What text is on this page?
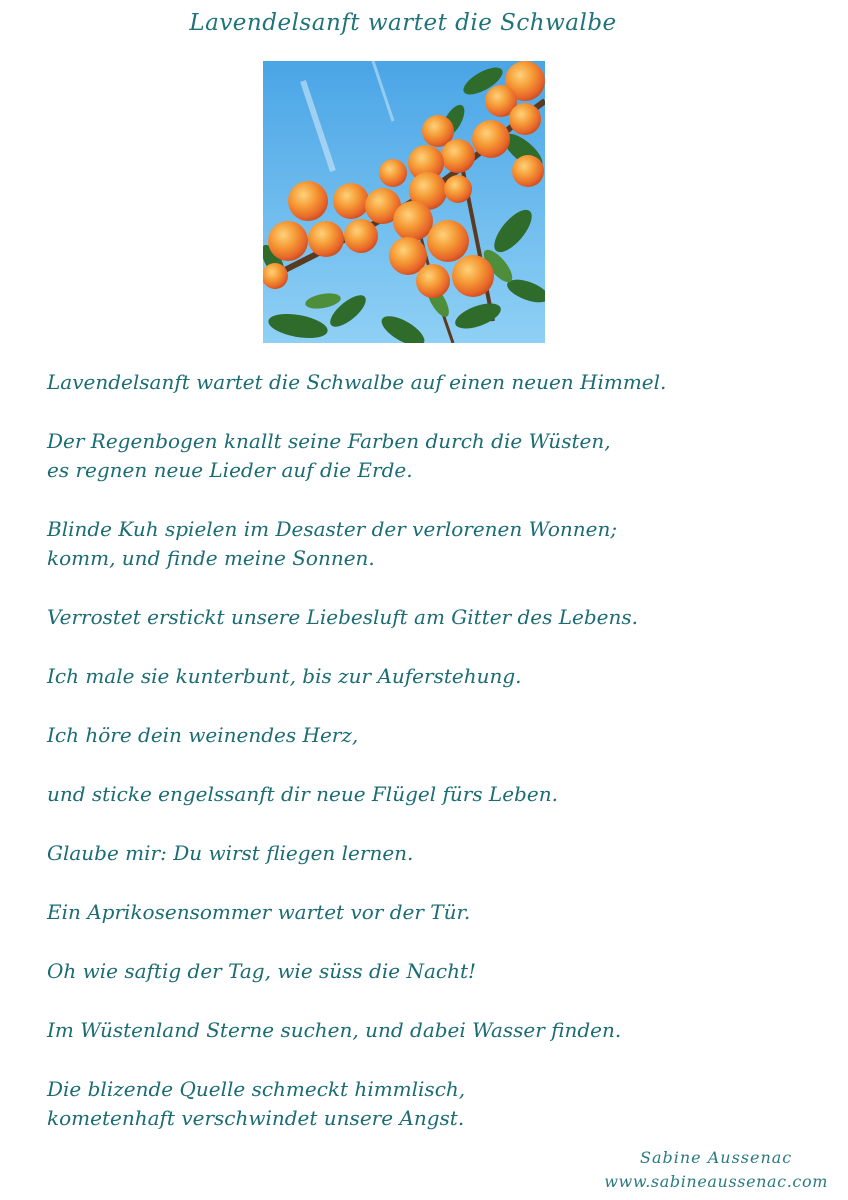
Lavendelsanft wartet die Schwalbe
Lavendelsanft wartet die Schwalbe auf einen neuen Himmel.
Der Regenbogen knallt seine Farben durch die Wüsten,
es regnen neue Lieder auf die Erde.
Blinde Kuh spielen im Desaster der verlorenen Wonnen;
komm, und finde meine Sonnen.
Verrostet erstickt unsere Liebesluft am Gitter des Lebens.
Ich male sie kunterbunt, bis zur Auferstehung.
Ich höre dein weinendes Herz,
und sticke engelssanft dir neue Flügel fürs Leben.
Glaube mir: Du wirst fliegen lernen.
Ein Aprikosensommer wartet vor der Tür.
Oh wie saftig der Tag, wie süss die Nacht!
Im Wüstenland Sterne suchen, und dabei Wasser finden.
Die blizende Quelle schmeckt himmlisch,
kometenhaft verschwindet unsere Angst.
Sabine Aussenac
www.sabineaussenac.com
